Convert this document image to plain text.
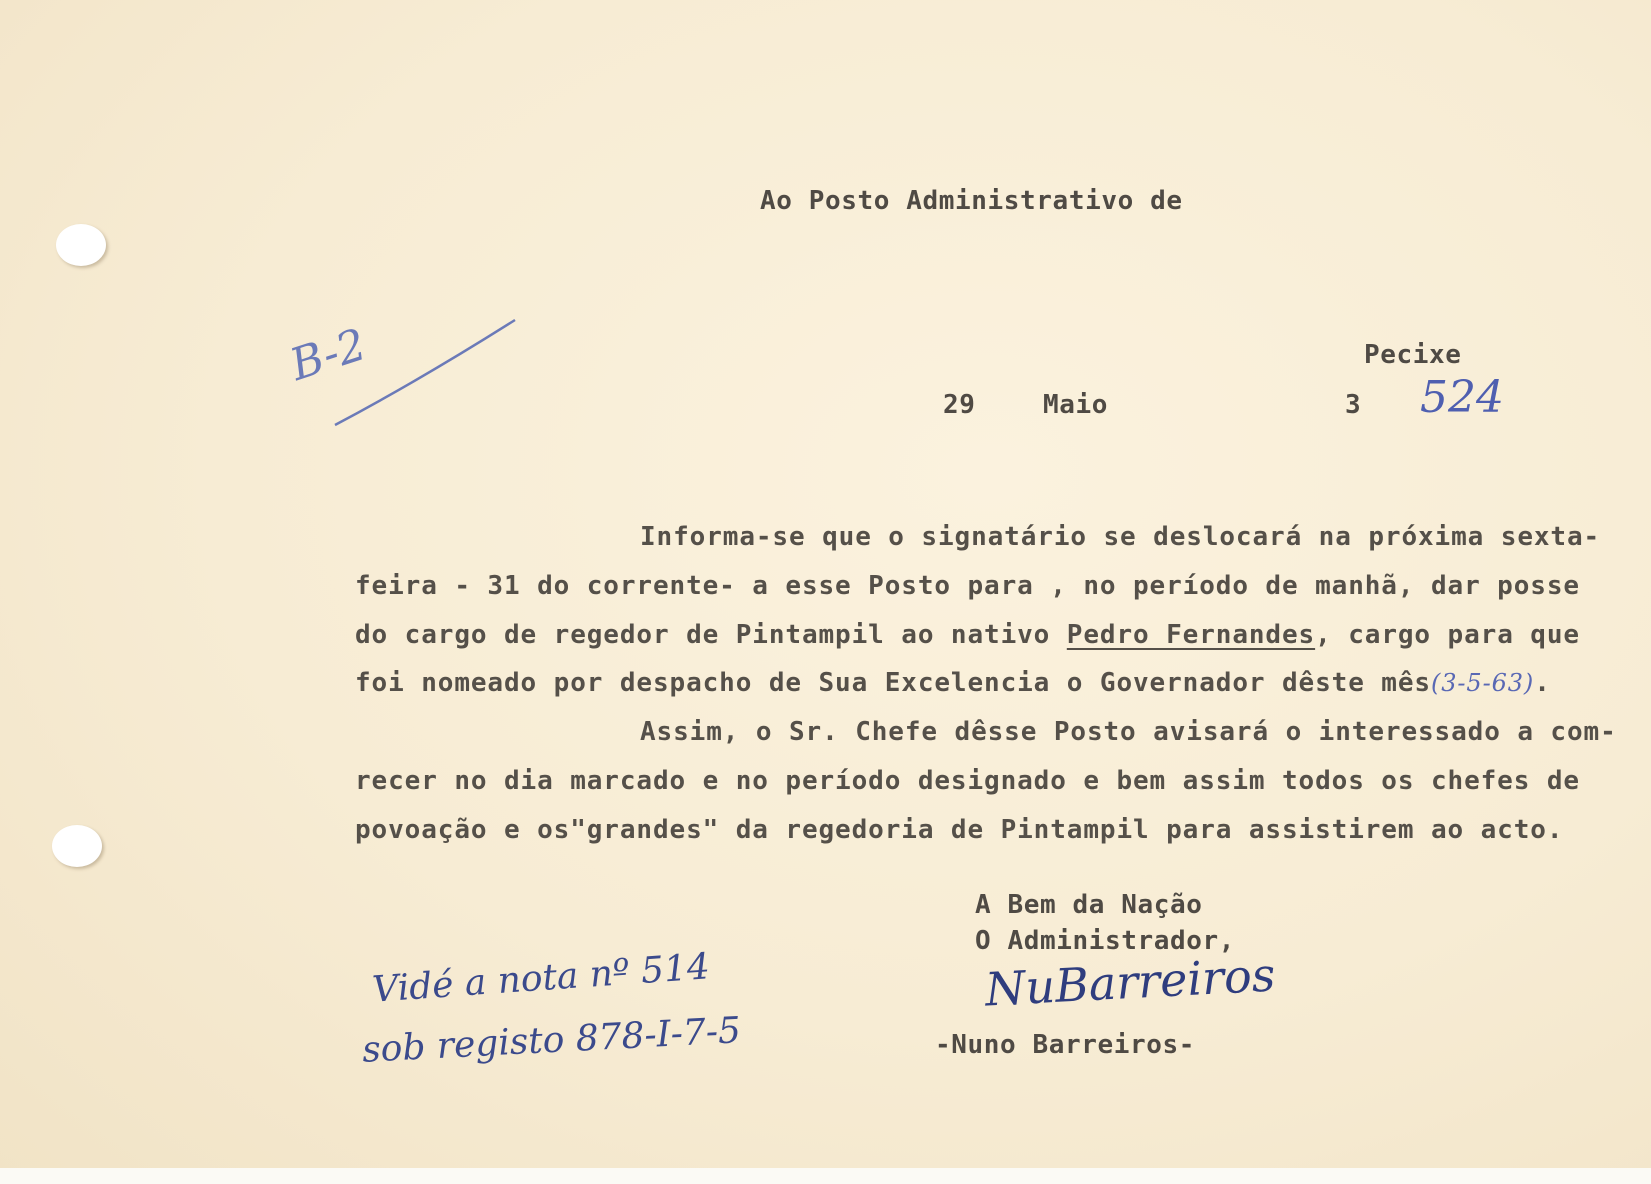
Ao Posto Administrativo de
B-2	Pecixe
29	Maio	3 524
Informa-se que o signatário se deslocará na próxima sexta-
feira - 31 do corrente- a esse Posto para , no período de manhã, dar posse
do cargo de regedor de Pintampil ao nativo Pedro Fernandes, cargo para que
foi nomeado por despacho de Sua Excelencia o Governador dêste mês(3-5-63).
Assim, o Sr. Chefe dêsse Posto avisará o interessado a com-
recer no dia marcado e no período designado e bem assim todos os chefes de
povoação e os"grandes" da regedoria de Pintampil para assistirem ao acto.
A Bem da Nação
O Administrador,
NuBarreiros
-Nuno Barreiros-
Vidé a nota nº 514
sob registo 878-I-7-5
